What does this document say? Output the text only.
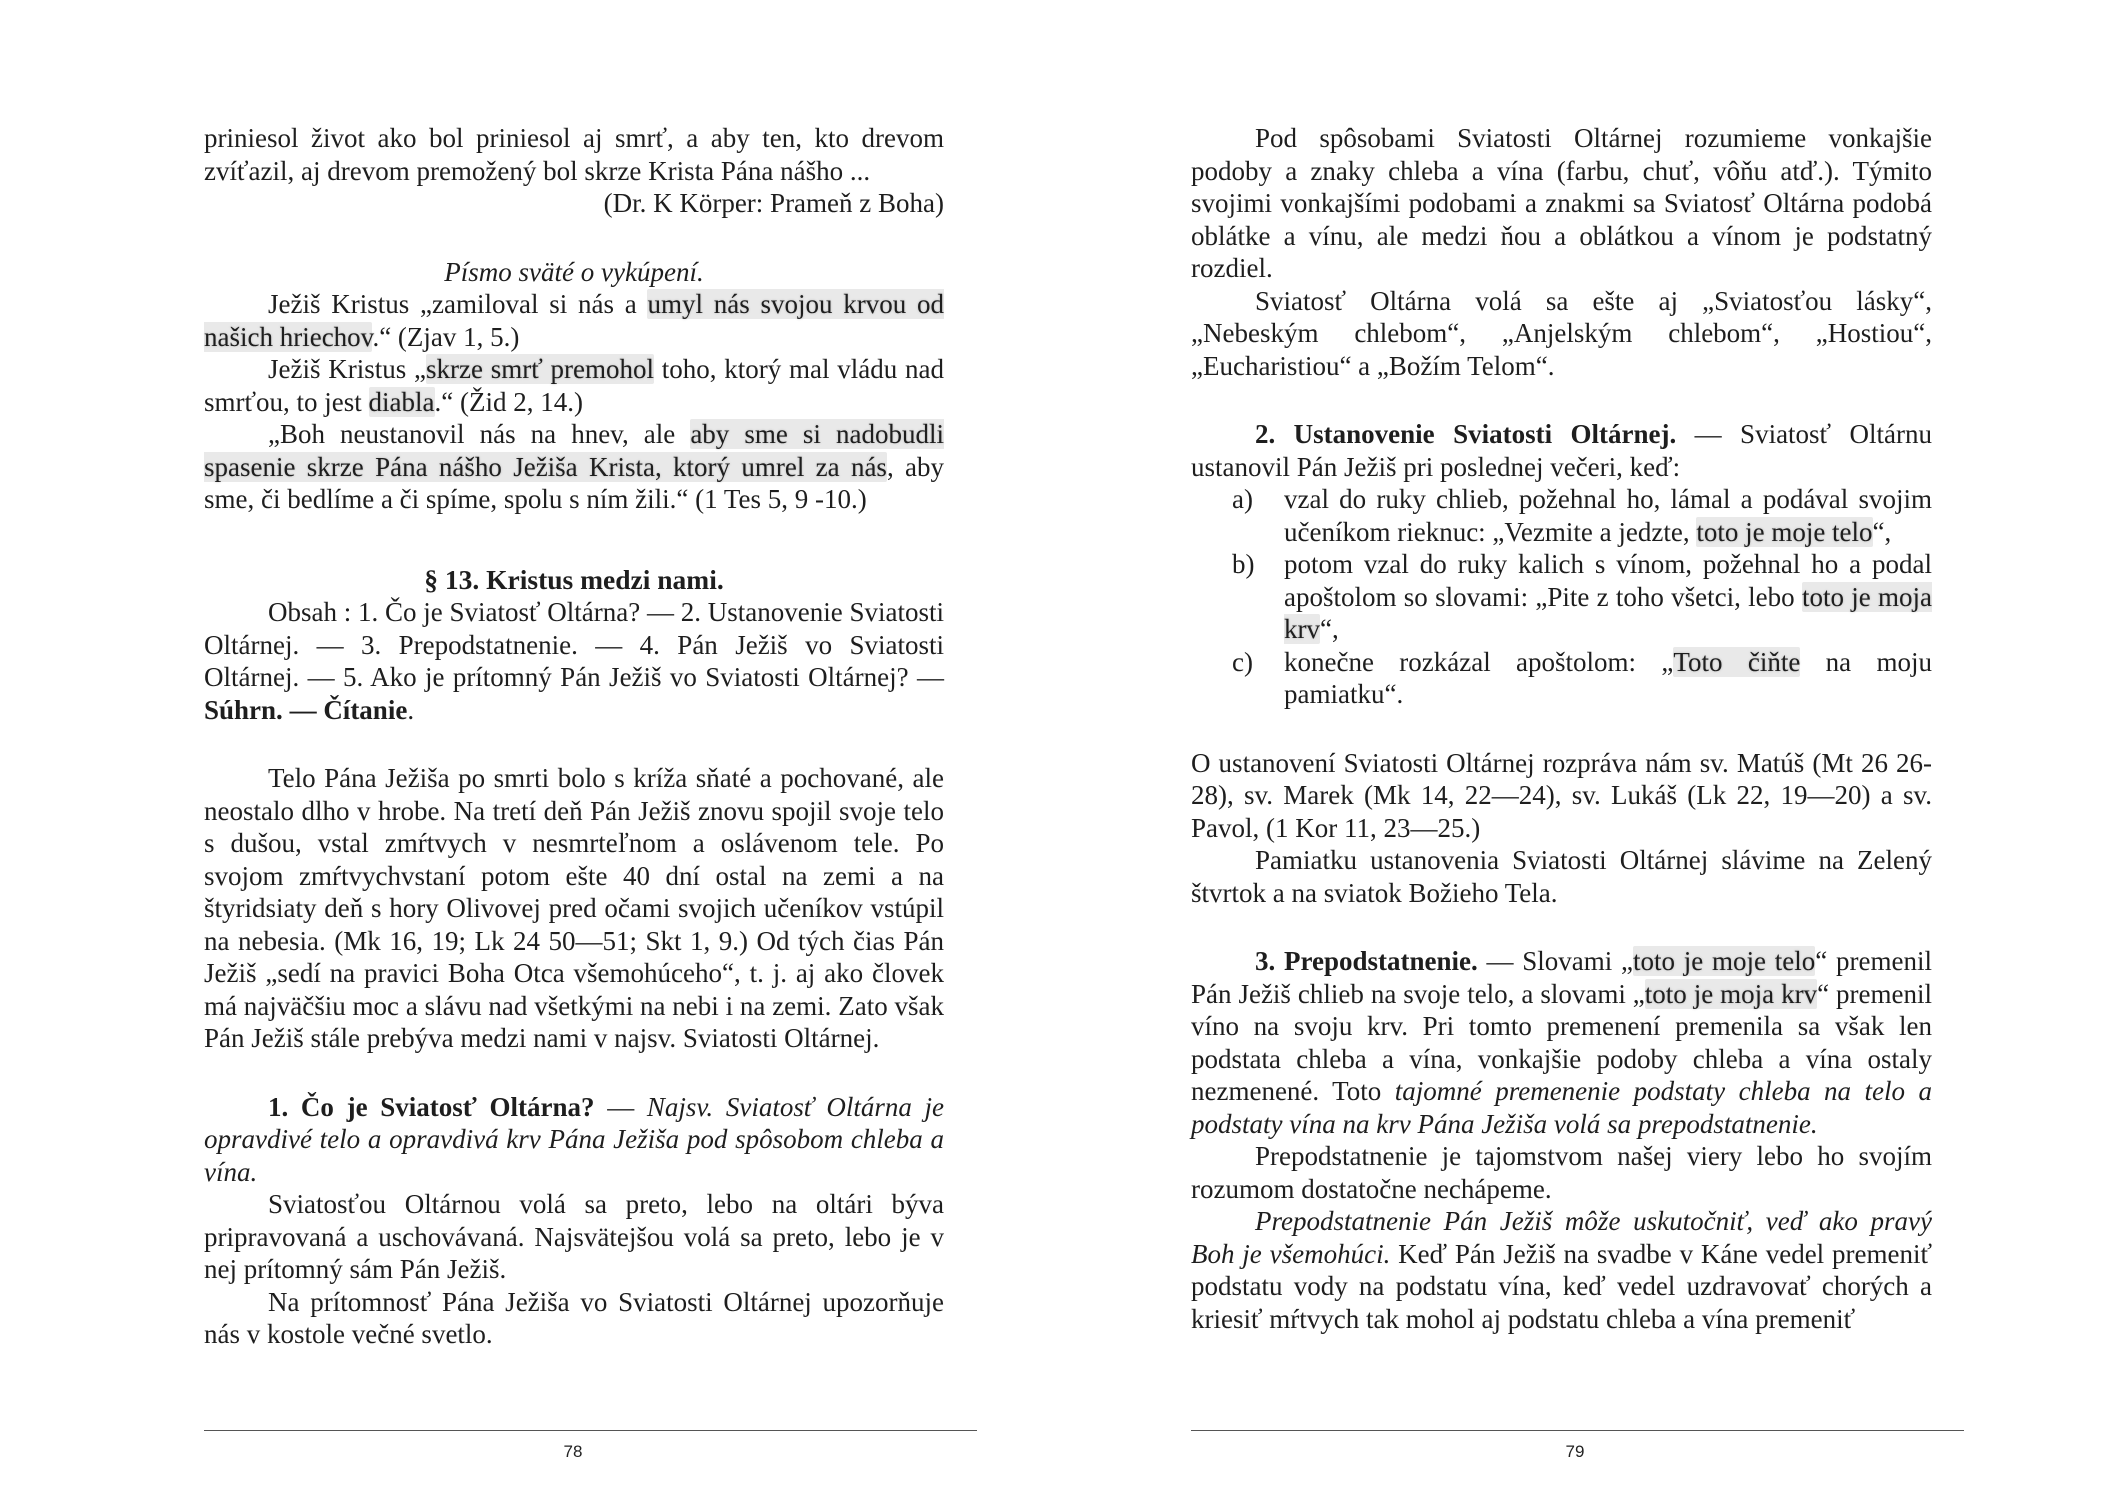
priniesol život ako bol priniesol aj smrť, a aby ten, kto drevom zvíťazil, aj drevom premožený bol skrze Krista Pána nášho ...

(Dr. K Körper: Prameň z Boha)

Písmo sväté o vykúpení.

Ježiš Kristus „zamiloval si nás a umyl nás svojou krvou od našich hriechov.“ (Zjav 1, 5.)

Ježiš Kristus „skrze smrť premohol toho, ktorý mal vládu nad smrťou, to jest diabla.“ (Žid 2, 14.)

„Boh neustanovil nás na hnev, ale aby sme si nadobudli spasenie skrze Pána nášho Ježiša Krista, ktorý umrel za nás, aby sme, či bedlíme a či spíme, spolu s ním žili.“ (1 Tes 5, 9 -10.)

§ 13. Kristus medzi nami.

Obsah : 1. Čo je Sviatosť Oltárna? — 2. Ustanovenie Sviatosti Oltárnej. — 3. Prepodstatnenie. — 4. Pán Ježiš vo Sviatosti Oltárnej. — 5. Ako je prítomný Pán Ježiš vo Sviatosti Oltárnej? — Súhrn. — Čítanie.

Telo Pána Ježiša po smrti bolo s kríža sňaté a pochované, ale neostalo dlho v hrobe. Na tretí deň Pán Ježiš znovu spojil svoje telo s dušou, vstal zmŕtvych v nesmrteľnom a oslávenom tele. Po svojom zmŕtvychvstaní potom ešte 40 dní ostal na zemi a na štyridsiaty deň s hory Olivovej pred očami svojich učeníkov vstúpil na nebesia. (Mk 16, 19; Lk 24 50—51; Skt 1, 9.) Od tých čias Pán Ježiš „sedí na pravici Boha Otca všemohúceho“, t. j. aj ako človek má najväčšiu moc a slávu nad všetkými na nebi i na zemi. Zato však Pán Ježiš stále prebýva medzi nami v najsv. Sviatosti Oltárnej.

1. Čo je Sviatosť Oltárna? — Najsv. Sviatosť Oltárna je opravdivé telo a opravdivá krv Pána Ježiša pod spôsobom chleba a vína.

Sviatosťou Oltárnou volá sa preto, lebo na oltári býva pripravovaná a uschovávaná. Najsvätejšou volá sa preto, lebo je v nej prítomný sám Pán Ježiš.

Na prítomnosť Pána Ježiša vo Sviatosti Oltárnej upozorňuje nás v kostole večné svetlo.

78

Pod spôsobami Sviatosti Oltárnej rozumieme vonkajšie podoby a znaky chleba a vína (farbu, chuť, vôňu atď.). Týmito svojimi vonkajšími podobami a znakmi sa Sviatosť Oltárna podobá oblátke a vínu, ale medzi ňou a oblátkou a vínom je podstatný rozdiel.

Sviatosť Oltárna volá sa ešte aj „Sviatosťou lásky“, „Nebeským chlebom“, „Anjelským chlebom“, „Hostiou“, „Eucharistiou“ a „Božím Telom“.

2. Ustanovenie Sviatosti Oltárnej. — Sviatosť Oltárnu ustanovil Pán Ježiš pri poslednej večeri, keď:

a)	vzal do ruky chlieb, požehnal ho, lámal a podával svojim učeníkom rieknuc: „Vezmite a jedzte, toto je moje telo“,
b)	potom vzal do ruky kalich s vínom, požehnal ho a podal apoštolom so slovami: „Pite z toho všetci, lebo toto je moja krv“,
c)	konečne rozkázal apoštolom: „Toto čiňte na moju pamiatku“.

O ustanovení Sviatosti Oltárnej rozpráva nám sv. Matúš (Mt 26 26-28), sv. Marek (Mk 14, 22—24), sv. Lukáš (Lk 22, 19—20) a sv. Pavol, (1 Kor 11, 23—25.)

Pamiatku ustanovenia Sviatosti Oltárnej slávime na Zelený štvrtok a na sviatok Božieho Tela.

3. Prepodstatnenie. — Slovami „toto je moje telo“ premenil Pán Ježiš chlieb na svoje telo, a slovami „toto je moja krv“ premenil víno na svoju krv. Pri tomto premenení premenila sa však len podstata chleba a vína, vonkajšie podoby chleba a vína ostaly nezmenené. Toto tajomné premenenie podstaty chleba na telo a podstaty vína na krv Pána Ježiša volá sa prepodstatnenie.

Prepodstatnenie je tajomstvom našej viery lebo ho svojím rozumom dostatočne nechápeme.

Prepodstatnenie Pán Ježiš môže uskutočniť, veď ako pravý Boh je všemohúci. Keď Pán Ježiš na svadbe v Káne vedel premeniť podstatu vody na podstatu vína, keď vedel uzdravovať chorých a kriesiť mŕtvych tak mohol aj podstatu chleba a vína premeniť

79
